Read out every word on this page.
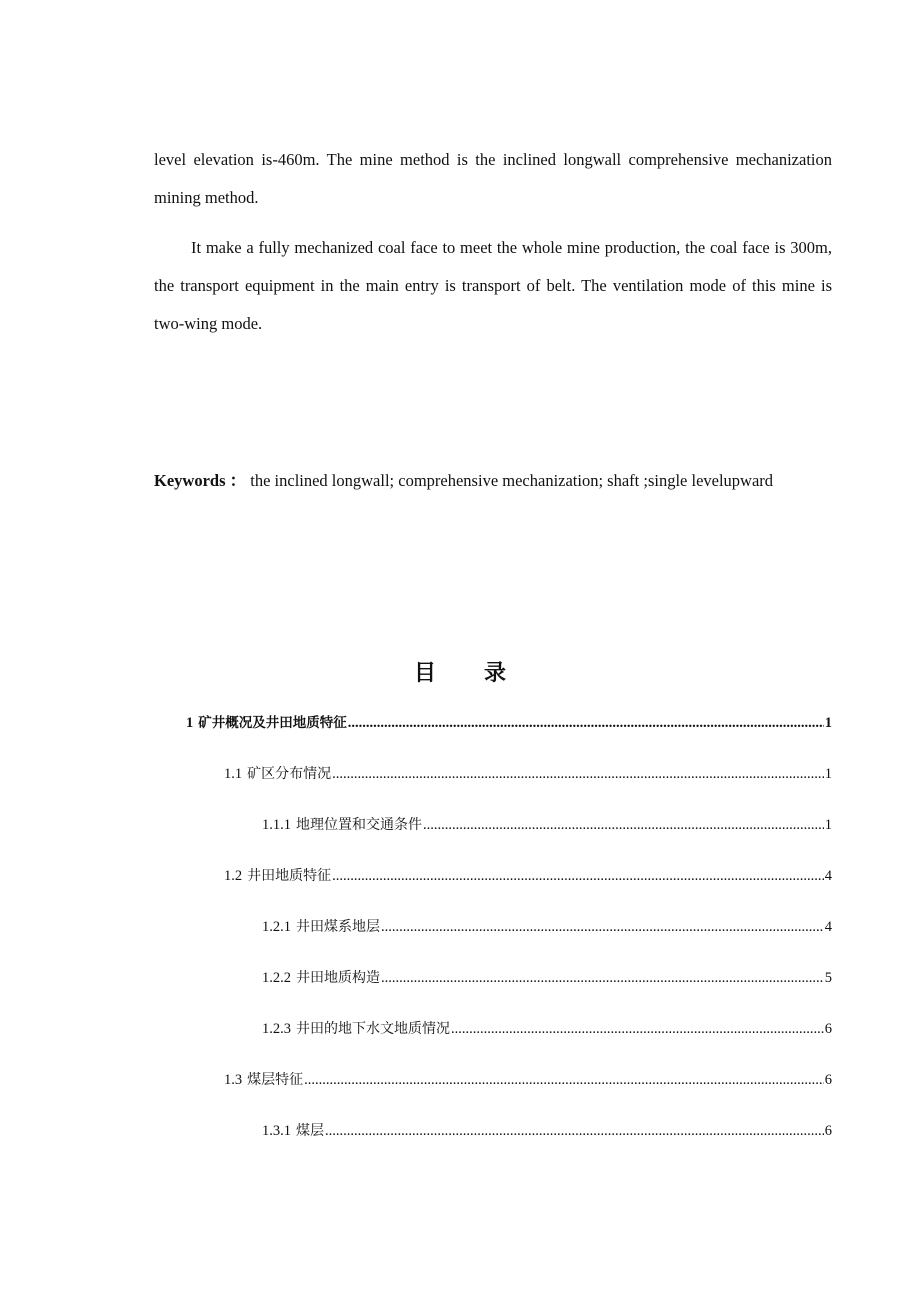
level elevation is-460m. The mine method is the inclined longwall comprehensive mechanization mining method.

It make a fully mechanized coal face to meet the whole mine production, the coal face is 300m, the transport equipment in the main entry is transport of belt. The ventilation mode of this mine is two-wing mode.

Keywords ： the inclined longwall; comprehensive mechanization; shaft ;single levelupward

目录
1 矿井概况及井田地质特征 .....	1
1.1 矿区分布情况 .....	1
1.1.1 地理位置和交通条件 .....	1
1.2 井田地质特征 .....	4
1.2.1 井田煤系地层 .....	4
1.2.2 井田地质构造 .....	5
1.2.3 井田的地下水文地质情况 .....	6
1.3 煤层特征 .....	6
1.3.1 煤层 .....	6
